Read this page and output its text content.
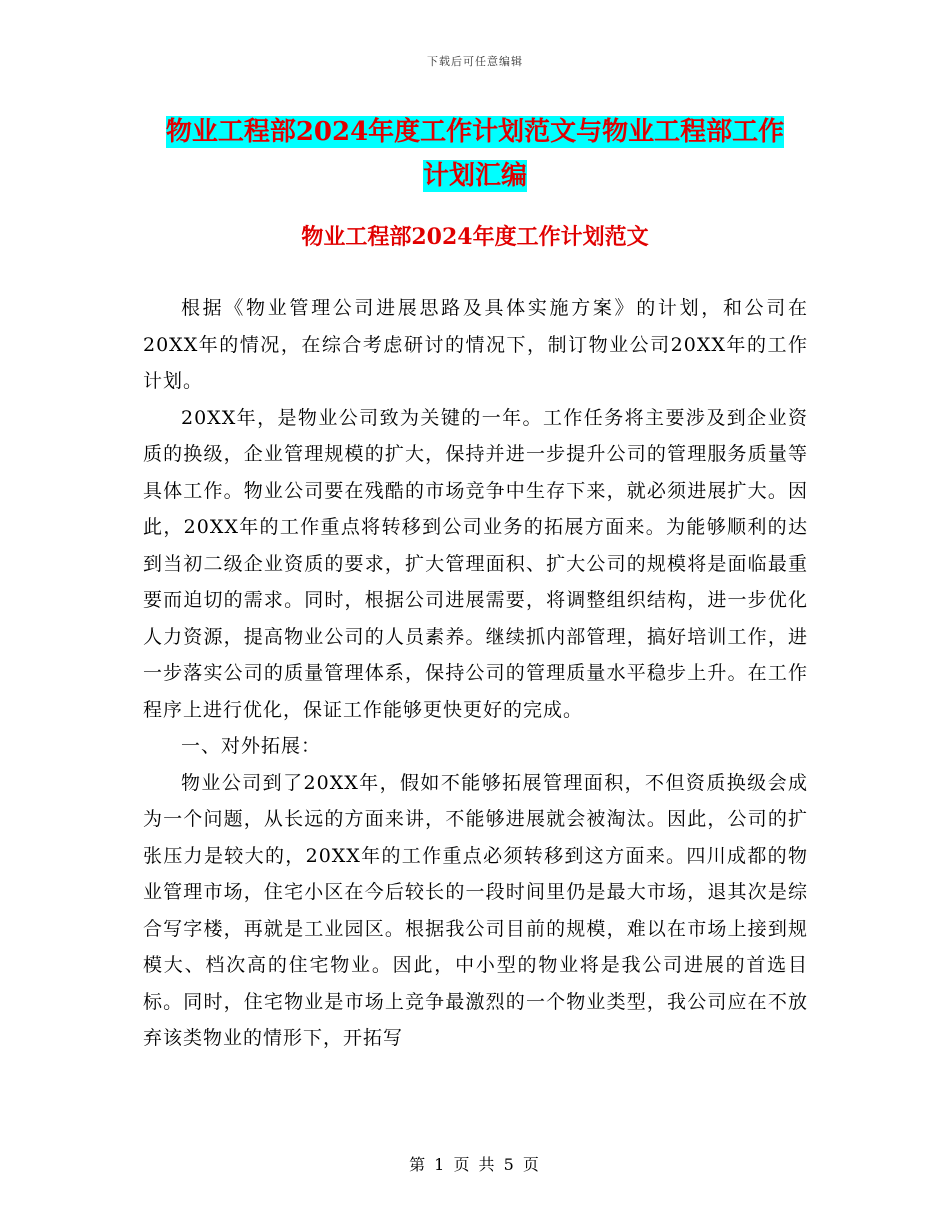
下载后可任意编辑
物业工程部2024年度工作计划范文与物业工程部工作
计划汇编
物业工程部2024年度工作计划范文

根据《物业管理公司进展思路及具体实施方案》的计划，和公司在20XX年的情况，在综合考虑研讨的情况下，制订物业公司20XX年的工作计划。

20XX年，是物业公司致为关键的一年。工作任务将主要涉及到企业资质的换级，企业管理规模的扩大，保持并进一步提升公司的管理服务质量等具体工作。物业公司要在残酷的市场竞争中生存下来，就必须进展扩大。因此，20XX年的工作重点将转移到公司业务的拓展方面来。为能够顺利的达到当初二级企业资质的要求，扩大管理面积、扩大公司的规模将是面临最重要而迫切的需求。同时，根据公司进展需要，将调整组织结构，进一步优化人力资源，提高物业公司的人员素养。继续抓内部管理，搞好培训工作，进一步落实公司的质量管理体系，保持公司的管理质量水平稳步上升。在工作程序上进行优化，保证工作能够更快更好的完成。

一、对外拓展：

物业公司到了20XX年，假如不能够拓展管理面积，不但资质换级会成为一个问题，从长远的方面来讲，不能够进展就会被淘汰。因此，公司的扩张压力是较大的，20XX年的工作重点必须转移到这方面来。四川成都的物业管理市场，住宅小区在今后较长的一段时间里仍是最大市场，退其次是综合写字楼，再就是工业园区。根据我公司目前的规模，难以在市场上接到规模大、档次高的住宅物业。因此，中小型的物业将是我公司进展的首选目标。同时，住宅物业是市场上竞争最激烈的一个物业类型，我公司应在不放弃该类物业的情形下，开拓写

第 1 页 共 5 页
